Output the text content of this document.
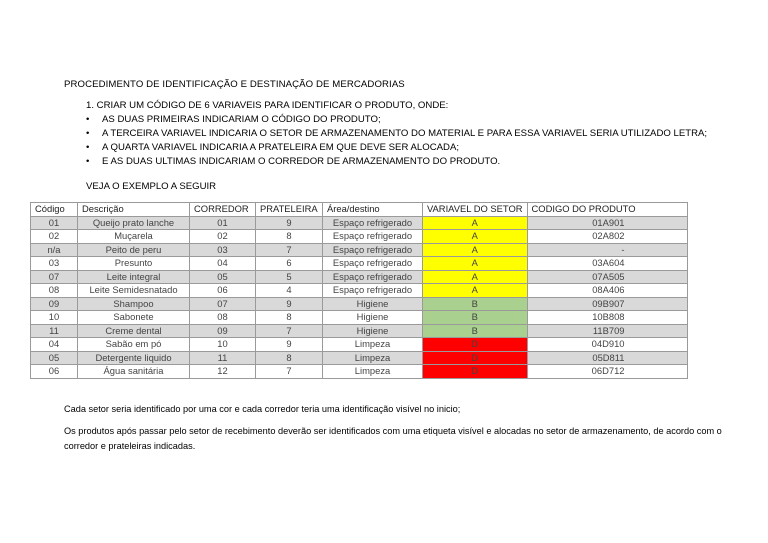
PROCEDIMENTO DE IDENTIFICAÇÃO E DESTINAÇÃO DE MERCADORIAS
1. CRIAR UM CÓDIGO DE 6 VARIAVEIS PARA IDENTIFICAR O PRODUTO, ONDE:
• AS DUAS PRIMEIRAS INDICARIAM O CÓDIGO DO PRODUTO;
• A TERCEIRA VARIAVEL INDICARIA O SETOR DE ARMAZENAMENTO DO MATERIAL E PARA ESSA VARIAVEL SERIA UTILIZADO LETRA;
• A QUARTA VARIAVEL INDICARIA A PRATELEIRA EM QUE DEVE SER ALOCADA;
• E AS DUAS ULTIMAS INDICARIAM O CORREDOR DE ARMAZENAMENTO DO PRODUTO.
VEJA O EXEMPLO A SEGUIR
Código	Descrição	CORREDOR	PRATELEIRA	Área/destino	VARIAVEL DO SETOR	CODIGO DO PRODUTO
01	Queijo prato lanche	01	9	Espaço refrigerado	A	01A901
02	Muçarela	02	8	Espaço refrigerado	A	02A802
n/a	Peito de peru	03	7	Espaço refrigerado	A	-
03	Presunto	04	6	Espaço refrigerado	A	03A604
07	Leite integral	05	5	Espaço refrigerado	A	07A505
08	Leite Semidesnatado	06	4	Espaço refrigerado	A	08A406
09	Shampoo	07	9	Higiene	B	09B907
10	Sabonete	08	8	Higiene	B	10B808
11	Creme dental	09	7	Higiene	B	11B709
04	Sabão em pó	10	9	Limpeza	D	04D910
05	Detergente liquido	11	8	Limpeza	D	05D811
06	Água sanitária	12	7	Limpeza	D	06D712
Cada setor seria identificado por uma cor e cada corredor teria uma identificação visível no inicio;
Os produtos após passar pelo setor de recebimento deverão ser identificados com uma etiqueta visível e alocadas no setor de armazenamento, de acordo com o corredor e prateleiras indicadas.
